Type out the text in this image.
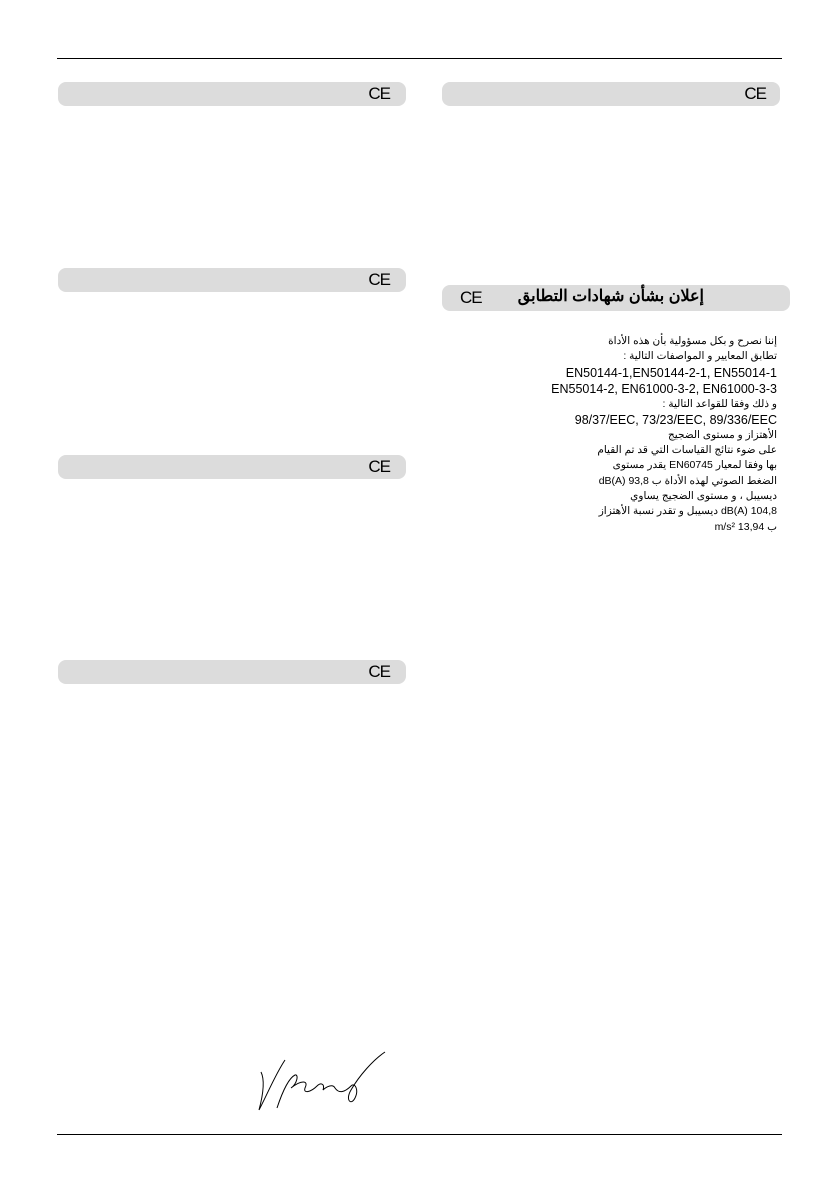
CE
CE
CE
CE
CE
إعلان بشأن شهادات التطابق
CE
إننا نصرح و بكل مسؤولية بأن هذه الأداة
تطابق المعايير و المواصفات التالية :
EN50144-1,EN50144-2-1, EN55014-1
EN55014-2, EN61000-3-2, EN61000-3-3
و ذلك وفقا للقواعد التالية :
98/37/EEC, 73/23/EEC, 89/336/EEC
الأهتزاز و مستوى الضجيج
على ضوء نتائج القياسات التي قد تم القيام
بها وفقا لمعيار EN60745 يقدر مستوى
الضغط الصوتي لهذه الأداة ب 93,8 dB(A)
ديسيبل ، و مستوى الضجيج يساوي
104,8 dB(A) ديسيبل و تقدر نسبة الأهتزاز
ب 13,94 m/s²
